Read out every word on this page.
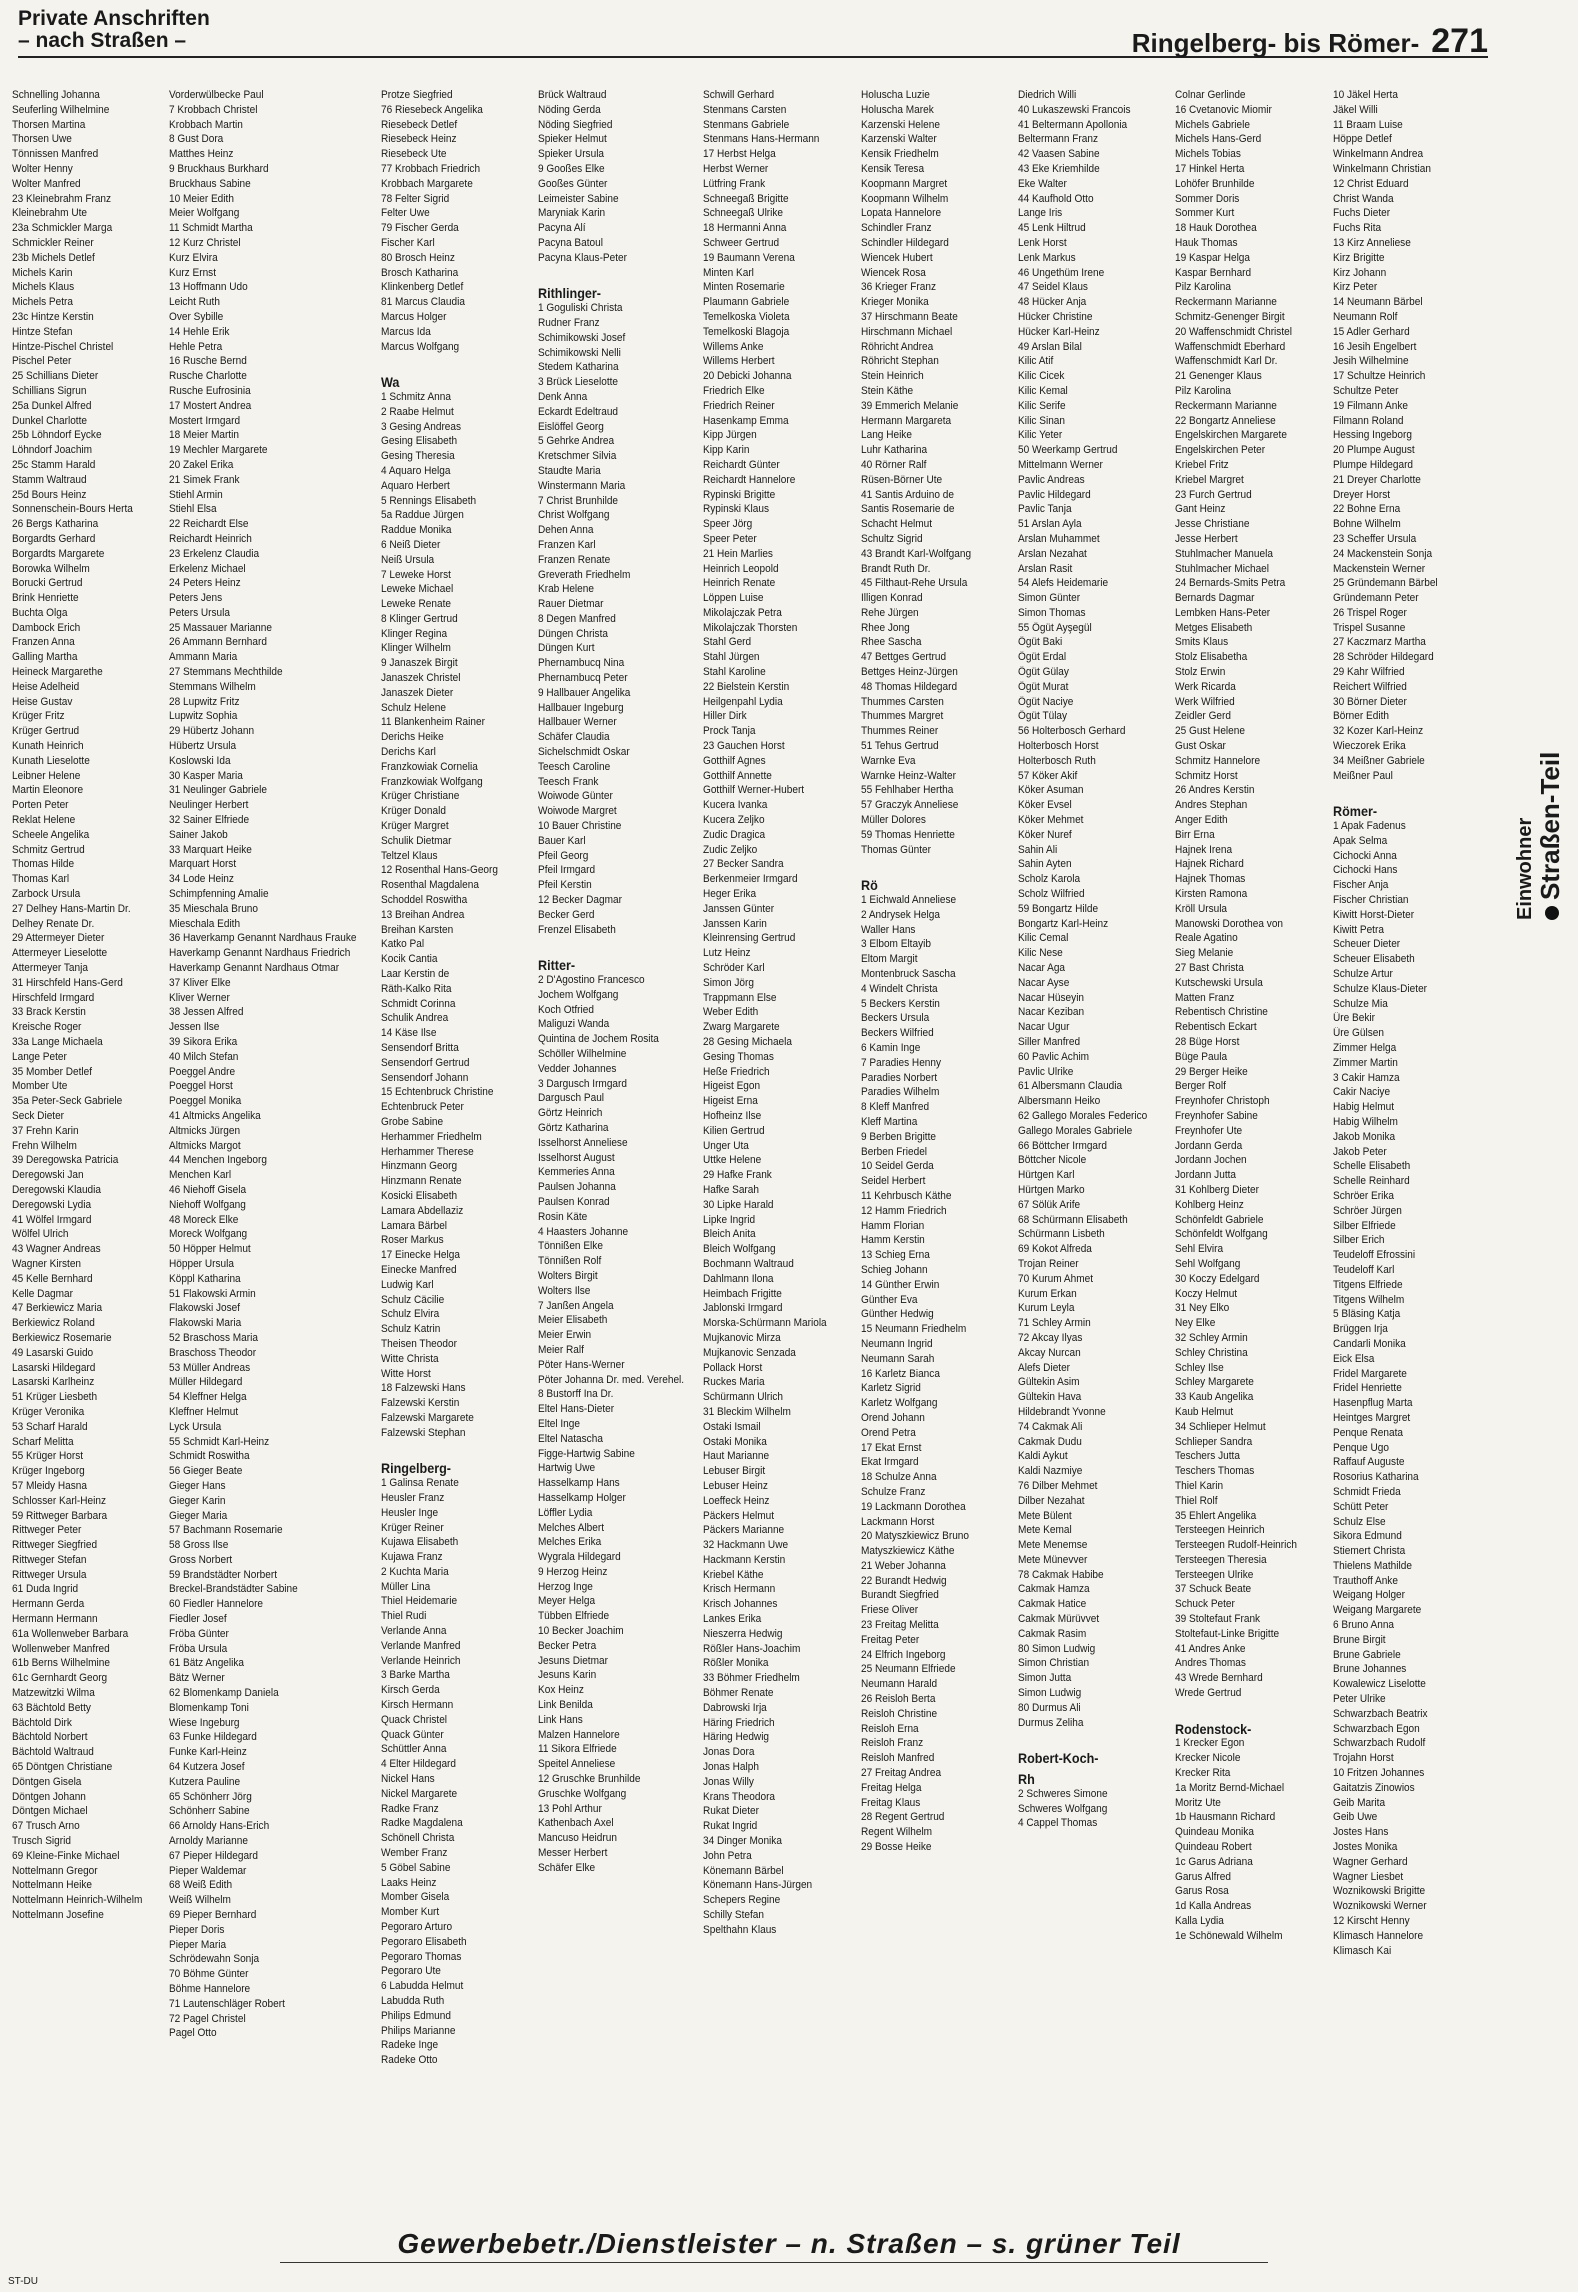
Private Anschriften
– nach Straßen –	Ringelberg- bis Römer- 271
Schnelling Johanna
Seuferling Wilhelmine
Thorsen Martina
Thorsen Uwe
Tönnissen Manfred
Wolter Henny
Wolter Manfred
23 Kleinebrahm Franz
Kleinebrahm Ute
23a Schmickler Marga
Schmickler Reiner
23b Michels Detlef
Michels Karin
Michels Klaus
Michels Petra
23c Hintze Kerstin
Hintze Stefan
Hintze-Pischel Christel
Pischel Peter
25 Schillians Dieter
Schillians Sigrun
25a Dunkel Alfred
Dunkel Charlotte
25b Löhndorf Eycke
Löhndorf Joachim
25c Stamm Harald
Stamm Waltraud
25d Bours Heinz
Sonnenschein-Bours Herta
26 Bergs Katharina
Borgardts Gerhard
Borgardts Margarete
Borowka Wilhelm
Borucki Gertrud
Brink Henriette
Buchta Olga
Dambock Erich
Franzen Anna
Galling Martha
Heineck Margarethe
Heise Adelheid
Heise Gustav
Krüger Fritz
Krüger Gertrud
Kunath Heinrich
Kunath Lieselotte
Leibner Helene
Martin Eleonore
Porten Peter
Reklat Helene
Scheele Angelika
Schmitz Gertrud
Thomas Hilde
Thomas Karl
Zarbock Ursula
27 Delhey Hans-Martin Dr.
Delhey Renate Dr.
29 Attermeyer Dieter
Attermeyer Lieselotte
Attermeyer Tanja
31 Hirschfeld Hans-Gerd
Hirschfeld Irmgard
33 Brack Kerstin
Kreische Roger
33a Lange Michaela
Lange Peter
35 Momber Detlef
Momber Ute
35a Peter-Seck Gabriele
Seck Dieter
37 Frehn Karin
Frehn Wilhelm
39 Deregowska Patricia
Deregowski Jan
Deregowski Klaudia
Deregowski Lydia
41 Wölfel Irmgard
Wölfel Ulrich
43 Wagner Andreas
Wagner Kirsten
45 Kelle Bernhard
Kelle Dagmar
47 Berkiewicz Maria
Berkiewicz Roland
Berkiewicz Rosemarie
49 Lasarski Guido
Lasarski Hildegard
Lasarski Karlheinz
51 Krüger Liesbeth
Krüger Veronika
53 Scharf Harald
Scharf Melitta
55 Krüger Horst
Krüger Ingeborg
57 Mleidy Hasna
Schlosser Karl-Heinz
59 Rittweger Barbara
Rittweger Peter
Rittweger Siegfried
Rittweger Stefan
Rittweger Ursula
61 Duda Ingrid
Hermann Gerda
Hermann Hermann
61a Wollenweber Barbara
Wollenweber Manfred
61b Berns Wilhelmine
61c Gernhardt Georg
Matzewitzki Wilma
63 Bächtold Betty
Bächtold Dirk
Bächtold Norbert
Bächtold Waltraud
65 Döntgen Christiane
Döntgen Gisela
Döntgen Johann
Döntgen Michael
67 Trusch Arno
Trusch Sigrid
69 Kleine-Finke Michael
Nottelmann Gregor
Nottelmann Heike
Nottelmann Heinrich-Wilhelm
Nottelmann Josefine
Vorderwülbecke Paul
7 Krobbach Christel
Krobbach Martin
8 Gust Dora
Matthes Heinz
9 Bruckhaus Burkhard
Bruckhaus Sabine
10 Meier Edith
Meier Wolfgang
11 Schmidt Martha
12 Kurz Christel
Kurz Elvira
Kurz Ernst
13 Hoffmann Udo
Leicht Ruth
Over Sybille
14 Hehle Erik
Hehle Petra
16 Rusche Bernd
Rusche Charlotte
Rusche Eufrosinia
17 Mostert Andrea
Mostert Irmgard
18 Meier Martin
19 Mechler Margarete
20 Zakel Erika
21 Simek Frank
Stiehl Armin
Stiehl Elsa
22 Reichardt Else
Reichardt Heinrich
23 Erkelenz Claudia
Erkelenz Michael
24 Peters Heinz
Peters Jens
Peters Ursula
25 Massauer Marianne
26 Ammann Bernhard
Ammann Maria
27 Stemmans Mechthilde
Stemmans Wilhelm
28 Lupwitz Fritz
Lupwitz Sophia
29 Hübertz Johann
Hübertz Ursula
Koslowski Ida
30 Kasper Maria
31 Neulinger Gabriele
Neulinger Herbert
32 Sainer Elfriede
Sainer Jakob
33 Marquart Heike
Marquart Horst
34 Lode Heinz
Schimpfenning Amalie
35 Mieschala Bruno
Mieschala Edith
36 Haverkamp Genannt Nardhaus Frauke
Haverkamp Genannt Nardhaus Friedrich
Haverkamp Genannt Nardhaus Otmar
37 Kliver Elke
Kliver Werner
38 Jessen Alfred
Jessen Ilse
39 Sikora Erika
40 Milch Stefan
Poeggel Andre
Poeggel Horst
Poeggel Monika
41 Altmicks Angelika
Altmicks Jürgen
Altmicks Margot
44 Menchen Ingeborg
Menchen Karl
46 Niehoff Gisela
Niehoff Wolfgang
48 Moreck Elke
Moreck Wolfgang
50 Höpper Helmut
Höpper Ursula
Köppl Katharina
51 Flakowski Armin
Flakowski Josef
Flakowski Maria
52 Braschoss Maria
Braschoss Theodor
53 Müller Andreas
Müller Hildegard
54 Kleffner Helga
Kleffner Helmut
Lyck Ursula
55 Schmidt Karl-Heinz
Schmidt Roswitha
56 Gieger Beate
Gieger Hans
Gieger Karin
Gieger Maria
57 Bachmann Rosemarie
58 Gross Ilse
Gross Norbert
59 Brandstädter Norbert
Breckel-Brandstädter Sabine
60 Fiedler Hannelore
Fiedler Josef
Fröba Günter
Fröba Ursula
61 Bätz Angelika
Bätz Werner
62 Blomenkamp Daniela
Blomenkamp Toni
Wiese Ingeburg
63 Funke Hildegard
Funke Karl-Heinz
64 Kutzera Josef
Kutzera Pauline
65 Schönherr Jörg
Schönherr Sabine
66 Arnoldy Hans-Erich
Arnoldy Marianne
67 Pieper Hildegard
Pieper Waldemar
68 Weiß Edith
Weiß Wilhelm
69 Pieper Bernhard
Pieper Doris
Pieper Maria
Schrödewahn Sonja
70 Böhme Günter
Böhme Hannelore
71 Lautenschläger Robert
72 Pagel Christel
Pagel Otto
Protze Siegfried
76 Riesebeck Angelika
Riesebeck Detlef
Riesebeck Heinz
Riesebeck Ute
77 Krobbach Friedrich
Krobbach Margarete
78 Felter Sigrid
Felter Uwe
79 Fischer Gerda
Fischer Karl
80 Brosch Heinz
Brosch Katharina
Klinkenberg Detlef
81 Marcus Claudia
Marcus Holger
Marcus Ida
Marcus Wolfgang

Wa
1 Schmitz Anna
2 Raabe Helmut
3 Gesing Andreas
Gesing Elisabeth
Gesing Theresia
4 Aquaro Helga
Aquaro Herbert
5 Rennings Elisabeth
5a Raddue Jürgen
Raddue Monika
6 Neiß Dieter
Neiß Ursula
7 Leweke Horst
Leweke Michael
Leweke Renate
8 Klinger Gertrud
Klinger Regina
Klinger Wilhelm
9 Janaszek Birgit
Janaszek Christel
Janaszek Dieter
Schulz Helene
11 Blankenheim Rainer
Derichs Heike
Derichs Karl
Franzkowiak Cornelia
Franzkowiak Wolfgang
Krüger Christiane
Krüger Donald
Krüger Margret
Schulik Dietmar
Teltzel Klaus
12 Rosenthal Hans-Georg
Rosenthal Magdalena
Schoddel Roswitha
13 Breihan Andrea
Breihan Karsten
Katko Pal
Kocik Cantia
Laar Kerstin de
Räth-Kalko Rita
Schmidt Corinna
Schulik Andrea
14 Käse Ilse
Sensendorf Britta
Sensendorf Gertrud
Sensendorf Johann
15 Echtenbruck Christine
Echtenbruck Peter
Grobe Sabine
Herhammer Friedhelm
Herhammer Therese
Hinzmann Georg
Hinzmann Renate
Kosicki Elisabeth
Lamara Abdellaziz
Lamara Bärbel
Roser Markus
17 Einecke Helga
Einecke Manfred
Ludwig Karl
Schulz Cäcilie
Schulz Elvira
Schulz Katrin
Theisen Theodor
Witte Christa
Witte Horst
18 Falzewski Hans
Falzewski Kerstin
Falzewski Margarete
Falzewski Stephan

Ringelberg-
1 Galinsa Renate
Heusler Franz
Heusler Inge
Krüger Reiner
Kujawa Elisabeth
Kujawa Franz
2 Kuchta Maria
Müller Lina
Thiel Heidemarie
Thiel Rudi
Verlande Anna
Verlande Manfred
Verlande Heinrich
3 Barke Martha
Kirsch Gerda
Kirsch Hermann
Quack Christel
Quack Günter
Schüttler Anna
4 Elter Hildegard
Nickel Hans
Nickel Margarete
Radke Franz
Radke Magdalena
Schönell Christa
Wember Franz
5 Göbel Sabine
Laaks Heinz
Momber Gisela
Momber Kurt
Pegoraro Arturo
Pegoraro Elisabeth
Pegoraro Thomas
Pegoraro Ute
6 Labudda Helmut
Labudda Ruth
Philips Edmund
Philips Marianne
Radeke Inge
Radeke Otto
Brück Waltraud
Nöding Gerda
Nöding Siegfried
Spieker Helmut
Spieker Ursula
9 Gooßes Elke
Gooßes Günter
Leimeister Sabine
Maryniak Karin
Pacyna Alí
Pacyna Batoul
Pacyna Klaus-Peter

Rithlinger-
1 Goguliski Christa
Rudner Franz
Schimikowski Josef
Schimikowski Nelli
Stedem Katharina
3 Brück Lieselotte
Denk Anna
Eckardt Edeltraud
Eislöffel Georg
5 Gehrke Andrea
Kretschmer Silvia
Staudte Maria
Winstermann Maria
7 Christ Brunhilde
Christ Wolfgang
Dehen Anna
Franzen Karl
Franzen Renate
Greverath Friedhelm
Krab Helene
Rauer Dietmar
8 Degen Manfred
Düngen Christa
Düngen Kurt
Phernambucq Nina
Phernambucq Peter
9 Hallbauer Angelika
Hallbauer Ingeburg
Hallbauer Werner
Schäfer Claudia
Sichelschmidt Oskar
Teesch Caroline
Teesch Frank
Woiwode Günter
Woiwode Margret
10 Bauer Christine
Bauer Karl
Pfeil Georg
Pfeil Irmgard
Pfeil Kerstin
12 Becker Dagmar
Becker Gerd
Frenzel Elisabeth

Ritter-
2 D'Agostino Francesco
Jochem Wolfgang
Koch Otfried
Maliguzi Wanda
Quintina de Jochem Rosita
Schöller Wilhelmine
Vedder Johannes
3 Dargusch Irmgard
Dargusch Paul
Görtz Heinrich
Görtz Katharina
Isselhorst Anneliese
Isselhorst August
Kemmeries Anna
Paulsen Johanna
Paulsen Konrad
Rosin Käte
4 Haasters Johanne
Tönnißen Elke
Tönnißen Rolf
Wolters Birgit
Wolters Ilse
7 Janßen Angela
Meier Elisabeth
Meier Erwin
Meier Ralf
Pöter Hans-Werner
Pöter Johanna Dr. med. Verehel.
8 Bustorff Ina Dr.
Eltel Hans-Dieter
Eltel Inge
Eltel Natascha
Figge-Hartwig Sabine
Hartwig Uwe
Hasselkamp Hans
Hasselkamp Holger
Löffler Lydia
Melches Albert
Melches Erika
Wygrala Hildegard
9 Herzog Heinz
Herzog Inge
Meyer Helga
Tübben Elfriede
10 Becker Joachim
Becker Petra
Jesuns Dietmar
Jesuns Karin
Kox Heinz
Link Benilda
Link Hans
Malzen Hannelore
11 Sikora Elfriede
Speitel Anneliese
12 Gruschke Brunhilde
Gruschke Wolfgang
13 Pohl Arthur
Kathenbach Axel
Mancuso Heidrun
Messer Herbert
Schäfer Elke
Schwill Gerhard
Stenmans Carsten
Stenmans Gabriele
Stenmans Hans-Hermann
17 Herbst Helga
Herbst Werner
Lütfring Frank
Schneegaß Brigitte
Schneegaß Ulrike
18 Hermanni Anna
Schweer Gertrud
19 Baumann Verena
Minten Karl
Minten Rosemarie
Plaumann Gabriele
Temelkoska Violeta
Temelkoski Blagoja
Willems Anke
Willems Herbert
20 Debicki Johanna
Friedrich Elke
Friedrich Reiner
Hasenkamp Emma
Kipp Jürgen
Kipp Karin
Reichardt Günter
Reichardt Hannelore
Rypinski Brigitte
Rypinski Klaus
Speer Jörg
Speer Peter
21 Hein Marlies
Heinrich Leopold
Heinrich Renate
Löppen Luise
Mikolajczak Petra
Mikolajczak Thorsten
Stahl Gerd
Stahl Jürgen
Stahl Karoline
22 Bielstein Kerstin
Heilgenpahl Lydia
Hiller Dirk
Prock Tanja
23 Gauchen Horst
Gotthilf Agnes
Gotthilf Annette
Gotthilf Werner-Hubert
Kucera Ivanka
Kucera Zeljko
Zudic Dragica
Zudic Zeljko
27 Becker Sandra
Berkenmeier Irmgard
Heger Erika
Janssen Günter
Janssen Karin
Kleinrensing Gertrud
Lutz Heinz
Schröder Karl
Simon Jörg
Trappmann Else
Weber Edith
Zwarg Margarete
28 Gesing Michaela
Gesing Thomas
Heße Friedrich
Higeist Egon
Higeist Erna
Hofheinz Ilse
Kilien Gertrud
Unger Uta
Uttke Helene
29 Hafke Frank
Hafke Sarah
30 Lipke Harald
Lipke Ingrid
Bleich Anita
Bleich Wolfgang
Bochmann Waltraud
Dahlmann Ilona
Heimbach Frigitte
Jablonski Irmgard
Morska-Schürmann Mariola
Mujkanovic Mirza
Mujkanovic Senzada
Pollack Horst
Ruckes Maria
Schürmann Ulrich
31 Bleckim Wilhelm
Ostaki Ismail
Ostaki Monika
Haut Marianne
Lebuser Birgit
Lebuser Heinz
Loeffeck Heinz
Päckers Helmut
Päckers Marianne
32 Hackmann Uwe
Hackmann Kerstin
Kriebel Käthe
Krisch Hermann
Krisch Johannes
Lankes Erika
Nieszerra Hedwig
Rößler Hans-Joachim
Rößler Monika
33 Böhmer Friedhelm
Böhmer Renate
Dabrowski Irja
Häring Friedrich
Häring Hedwig
Jonas Dora
Jonas Halph
Jonas Willy
Krans Theodora
Rukat Dieter
Rukat Ingrid
34 Dinger Monika
John Petra
Könemann Bärbel
Könemann Hans-Jürgen
Schepers Regine
Schilly Stefan
Spelthahn Klaus
Holuscha Luzie
Holuscha Marek
Karzenski Helene
Karzenski Walter
Kensik Friedhelm
Kensik Teresa
Koopmann Margret
Koopmann Wilhelm
Lopata Hannelore
Schindler Franz
Schindler Hildegard
Wiencek Hubert
Wiencek Rosa
36 Krieger Franz
Krieger Monika
37 Hirschmann Beate
Hirschmann Michael
Röhricht Andrea
Röhricht Stephan
Stein Heinrich
Stein Käthe
39 Emmerich Melanie
Hermann Margareta
Lang Heike
Luhr Katharina
40 Rörner Ralf
Rüsen-Börner Ute
41 Santis Arduino de
Santis Rosemarie de
Schacht Helmut
Schultz Sigrid
43 Brandt Karl-Wolfgang
Brandt Ruth Dr.
45 Filthaut-Rehe Ursula
Illigen Konrad
Rehe Jürgen
Rhee Jong
Rhee Sascha
47 Bettges Gertrud
Bettges Heinz-Jürgen
48 Thomas Hildegard
Thummes Carsten
Thummes Margret
Thummes Reiner
51 Tehus Gertrud
Warnke Eva
Warnke Heinz-Walter
55 Fehlhaber Hertha
57 Graczyk Anneliese
Müller Dolores
59 Thomas Henriette
Thomas Günter

Rö
1 Eichwald Anneliese
2 Andrysek Helga
Waller Hans
3 Elbom Eltayib
Eltom Margit
Montenbruck Sascha
4 Windelt Christa
5 Beckers Kerstin
Beckers Ursula
Beckers Wilfried
6 Kamin Inge
7 Paradies Henny
Paradies Norbert
Paradies Wilhelm
8 Kleff Manfred
Kleff Martina
9 Berben Brigitte
Berben Friedel
10 Seidel Gerda
Seidel Herbert
11 Kehrbusch Käthe
12 Hamm Friedrich
Hamm Florian
Hamm Kerstin
13 Schieg Erna
Schieg Johann
14 Günther Erwin
Günther Eva
Günther Hedwig
15 Neumann Friedhelm
Neumann Ingrid
Neumann Sarah
16 Karletz Bianca
Karletz Sigrid
Karletz Wolfgang
Orend Johann
Orend Petra
17 Ekat Ernst
Ekat Irmgard
18 Schulze Anna
Schulze Franz
19 Lackmann Dorothea
Lackmann Horst
20 Matyszkiewicz Bruno
Matyszkiewicz Käthe
21 Weber Johanna
22 Burandt Hedwig
Burandt Siegfried
Friese Oliver
23 Freitag Melitta
Freitag Peter
24 Elfrich Ingeborg
25 Neumann Elfriede
Neumann Harald
26 Reisloh Berta
Reisloh Christine
Reisloh Erna
Reisloh Franz
Reisloh Manfred
27 Freitag Andrea
Freitag Helga
Freitag Klaus
28 Regent Gertrud
Regent Wilhelm
29 Bosse Heike
Diedrich Willi
40 Lukaszewski Francois
41 Beltermann Apollonia
Beltermann Franz
42 Vaasen Sabine
43 Eke Kriemhilde
Eke Walter
44 Kaufhold Otto
Lange Iris
45 Lenk Hiltrud
Lenk Horst
Lenk Markus
46 Ungethüm Irene
47 Seidel Klaus
48 Hücker Anja
Hücker Christine
Hücker Karl-Heinz
49 Arslan Bilal
Kilic Atif
Kilic Cicek
Kilic Kemal
Kilic Serife
Kilic Sinan
Kilic Yeter
50 Weerkamp Gertrud
Mittelmann Werner
Pavlic Andreas
Pavlic Hildegard
Pavlic Tanja
51 Arslan Ayla
Arslan Muhammet
Arslan Nezahat
Arslan Rasit
54 Alefs Heidemarie
Simon Günter
Simon Thomas
55 Ögüt Ayşegül
Ögüt Baki
Ögüt Erdal
Ögüt Gülay
Ögüt Murat
Ögüt Naciye
Ögüt Tülay
56 Holterbosch Gerhard
Holterbosch Horst
Holterbosch Ruth
57 Köker Akif
Köker Asuman
Köker Evsel
Köker Mehmet
Köker Nuref
Sahin Ali
Sahin Ayten
Scholz Karola
Scholz Wilfried
59 Bongartz Hilde
Bongartz Karl-Heinz
Kilic Cemal
Kilic Nese
Nacar Aga
Nacar Ayse
Nacar Hüseyin
Nacar Keziban
Nacar Ugur
Siller Manfred
60 Pavlic Achim
Pavlic Ulrike
61 Albersmann Claudia
Albersmann Heiko
62 Gallego Morales Federico
Gallego Morales Gabriele
66 Böttcher Irmgard
Böttcher Nicole
Hürtgen Karl
Hürtgen Marko
67 Sölük Arife
68 Schürmann Elisabeth
Schürmann Lisbeth
69 Kokot Alfreda
Trojan Reiner
70 Kurum Ahmet
Kurum Erkan
Kurum Leyla
71 Schley Armin
72 Akcay Ilyas
Akcay Nurcan
Alefs Dieter
Gültekin Asim
Gültekin Hava
Hildebrandt Yvonne
74 Cakmak Ali
Cakmak Dudu
Kaldi Aykut
Kaldi Nazmiye
76 Dilber Mehmet
Dilber Nezahat
Mete Bülent
Mete Kemal
Mete Menemse
Mete Münevver
78 Cakmak Habibe
Cakmak Hamza
Cakmak Hatice
Cakmak Mürüvvet
Cakmak Rasim
80 Simon Ludwig
Simon Christian
Simon Jutta
Simon Ludwig
80 Durmus Ali
Durmus Zeliha

Robert-Koch-
Rh
2 Schweres Simone
Schweres Wolfgang
4 Cappel Thomas
Colnar Gerlinde
16 Cvetanovic Miomir
Michels Gabriele
Michels Hans-Gerd
Michels Tobias
17 Hinkel Herta
Lohöfer Brunhilde
Sommer Doris
Sommer Kurt
18 Hauk Dorothea
Hauk Thomas
19 Kaspar Helga
Kaspar Bernhard
Pilz Karolina
Reckermann Marianne
Schmitz-Genenger Birgit
20 Waffenschmidt Christel
Waffenschmidt Eberhard
Waffenschmidt Karl Dr.
21 Genenger Klaus
Pilz Karolina
Reckermann Marianne
22 Bongartz Anneliese
Engelskirchen Margarete
Engelskirchen Peter
Kriebel Fritz
Kriebel Margret
23 Furch Gertrud
Gant Heinz
Jesse Christiane
Jesse Herbert
Stuhlmacher Manuela
Stuhlmacher Michael
24 Bernards-Smits Petra
Bernards Dagmar
Lembken Hans-Peter
Metges Elisabeth
Smits Klaus
Stolz Elisabetha
Stolz Erwin
Werk Ricarda
Werk Wilfried
Zeidler Gerd
25 Gust Helene
Gust Oskar
Schmitz Hannelore
Schmitz Horst
26 Andres Kerstin
Andres Stephan
Anger Edith
Birr Erna
Hajnek Irena
Hajnek Richard
Hajnek Thomas
Kirsten Ramona
Kröll Ursula
Manowski Dorothea von
Reale Agatino
Sieg Melanie
27 Bast Christa
Kutschewski Ursula
Matten Franz
Rebentisch Christine
Rebentisch Eckart
28 Büge Horst
Büge Paula
29 Berger Heike
Berger Rolf
Freynhofer Christoph
Freynhofer Sabine
Freynhofer Ute
Jordann Gerda
Jordann Jochen
Jordann Jutta
31 Kohlberg Dieter
Kohlberg Heinz
Schönfeldt Gabriele
Schönfeldt Wolfgang
Sehl Elvira
Sehl Wolfgang
30 Koczy Edelgard
Koczy Helmut
31 Ney Elko
Ney Elke
32 Schley Armin
Schley Christina
Schley Ilse
Schley Margarete
33 Kaub Angelika
Kaub Helmut
34 Schlieper Helmut
Schlieper Sandra
Teschers Jutta
Teschers Thomas
Thiel Karin
Thiel Rolf
35 Ehlert Angelika
Tersteegen Heinrich
Tersteegen Rudolf-Heinrich
Tersteegen Theresia
Tersteegen Ulrike
37 Schuck Beate
Schuck Peter
39 Stoltefaut Frank
Stoltefaut-Linke Brigitte
41 Andres Anke
Andres Thomas
43 Wrede Bernhard
Wrede Gertrud

Rodenstock-
1 Krecker Egon
Krecker Nicole
Krecker Rita
1a Moritz Bernd-Michael
Moritz Ute
1b Hausmann Richard
Quindeau Monika
Quindeau Robert
1c Garus Adriana
Garus Alfred
Garus Rosa
1d Kalla Andreas
Kalla Lydia
1e Schönewald Wilhelm
10 Jäkel Herta
Jäkel Willi
11 Braam Luise
Höppe Detlef
Winkelmann Andrea
Winkelmann Christian
12 Christ Eduard
Christ Wanda
Fuchs Dieter
Fuchs Rita
13 Kirz Anneliese
Kirz Brigitte
Kirz Johann
Kirz Peter
14 Neumann Bärbel
Neumann Rolf
15 Adler Gerhard
16 Jesih Engelbert
Jesih Wilhelmine
17 Schultze Heinrich
Schultze Peter
19 Filmann Anke
Filmann Roland
Hessing Ingeborg
20 Plumpe August
Plumpe Hildegard
21 Dreyer Charlotte
Dreyer Horst
22 Bohne Erna
Bohne Wilhelm
23 Scheffer Ursula
24 Mackenstein Sonja
Mackenstein Werner
25 Gründemann Bärbel
Gründemann Peter
26 Trispel Roger
Trispel Susanne
27 Kaczmarz Martha
28 Schröder Hildegard
29 Kahr Wilfried
Reichert Wilfried
30 Börner Dieter
Börner Edith
32 Kozer Karl-Heinz
Wieczorek Erika
34 Meißner Gabriele
Meißner Paul

Römer-
1 Apak Fadenus
Apak Selma
Cichocki Anna
Cichocki Hans
Fischer Anja
Fischer Christian
Kiwitt Horst-Dieter
Kiwitt Petra
Scheuer Dieter
Scheuer Elisabeth
Schulze Artur
Schulze Klaus-Dieter
Schulze Mia
Üre Bekir
Üre Gülsen
Zimmer Helga
Zimmer Martin
3 Cakir Hamza
Cakir Naciye
Habig Helmut
Habig Wilhelm
Jakob Monika
Jakob Peter
Schelle Elisabeth
Schelle Reinhard
Schröer Erika
Schröer Jürgen
Silber Elfriede
Silber Erich
Teudeloff Efrossini
Teudeloff Karl
Titgens Elfriede
Titgens Wilhelm
5 Bläsing Katja
Brüggen Irja
Candarli Monika
Eick Elsa
Fridel Margarete
Fridel Henriette
Hasenpflug Marta
Heintges Margret
Penque Renata
Penque Ugo
Raffauf Auguste
Rosorius Katharina
Schmidt Frieda
Schütt Peter
Schulz Else
Sikora Edmund
Stiemert Christa
Thielens Mathilde
Trauthoff Anke
Weigang Holger
Weigang Margarete
6 Bruno Anna
Brune Birgit
Brune Gabriele
Brune Johannes
Kowalewicz Liselotte
Peter Ulrike
Schwarzbach Beatrix
Schwarzbach Egon
Schwarzbach Rudolf
Trojahn Horst
10 Fritzen Johannes
Gaitatzis Zinowios
Geib Marita
Geib Uwe
Jostes Hans
Jostes Monika
Wagner Gerhard
Wagner Liesbet
Woznikowski Brigitte
Woznikowski Werner
12 Kirscht Henny
Klimasch Hannelore
Klimasch Kai
Einwohner Straßen-Teil
Gewerbebetr./Dienstleister – n. Straßen – s. grüner Teil
ST-DU
